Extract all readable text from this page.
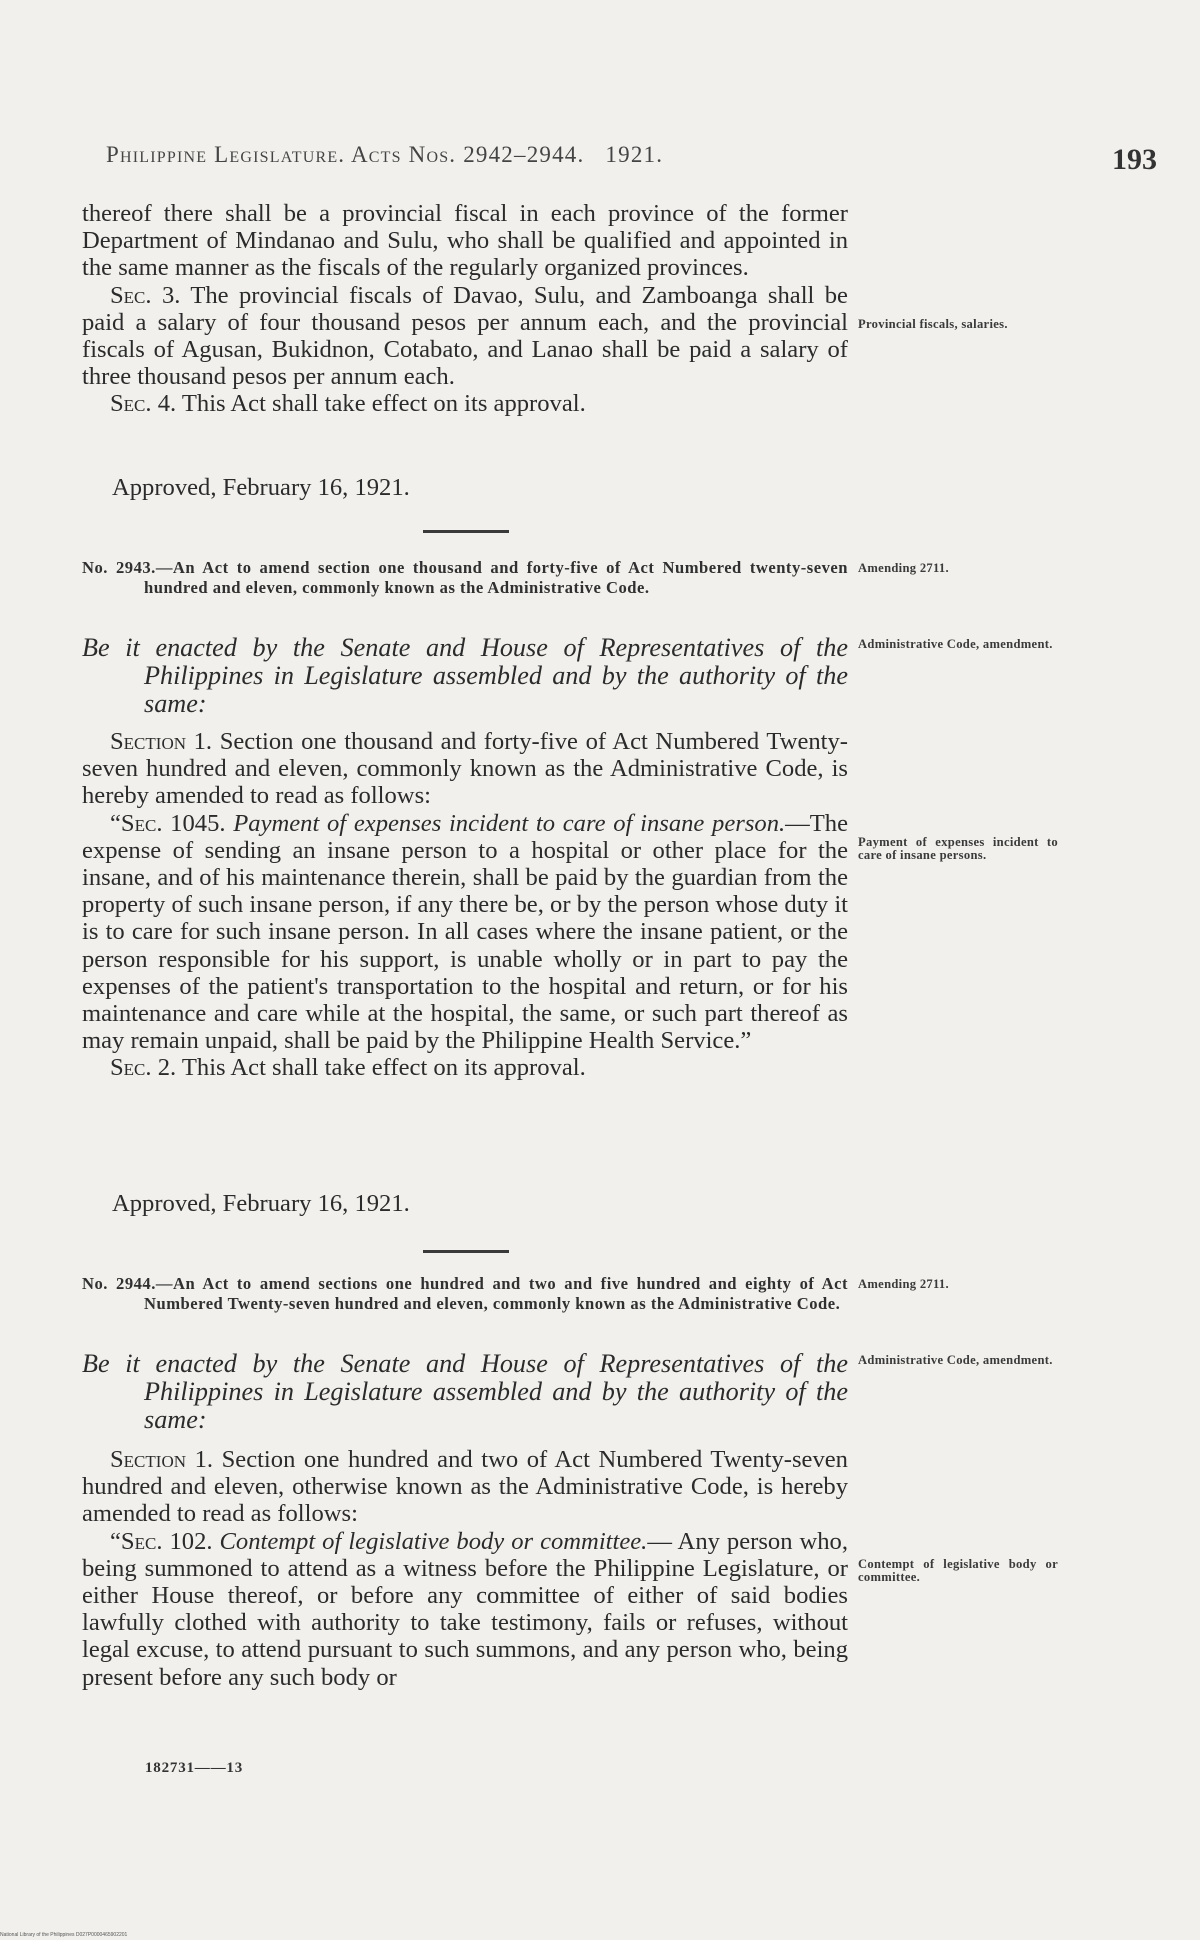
Philippine Legislature. Acts Nos. 2942–2944. 1921.	193

thereof there shall be a provincial fiscal in each province of the former Department of Mindanao and Sulu, who shall be qualified and appointed in the same manner as the fiscals of the regularly organized provinces.

Sec. 3. The provincial fiscals of Davao, Sulu, and Zamboanga shall be paid a salary of four thousand pesos per annum each, and the provincial fiscals of Agusan, Bukidnon, Cotabato, and Lanao shall be paid a salary of three thousand pesos per annum each.

Sec. 4. This Act shall take effect on its approval.

Approved, February 16, 1921.
Provincial fiscals, salaries.
No. 2943.—An Act to amend section one thousand and forty-five of Act Numbered twenty-seven hundred and eleven, commonly known as the Administrative Code.
Amending 2711.
Be it enacted by the Senate and House of Representatives of the Philippines in Legislature assembled and by the authority of the same:
Administrative Code, amendment.

Section 1. Section one thousand and forty-five of Act Numbered Twenty-seven hundred and eleven, commonly known as the Administrative Code, is hereby amended to read as follows:

“Sec. 1045. Payment of expenses incident to care of insane person.—The expense of sending an insane person to a hospital or other place for the insane, and of his maintenance therein, shall be paid by the guardian from the property of such insane person, if any there be, or by the person whose duty it is to care for such insane person. In all cases where the insane patient, or the person responsible for his support, is unable wholly or in part to pay the expenses of the patient's transportation to the hospital and return, or for his maintenance and care while at the hospital, the same, or such part thereof as may remain unpaid, shall be paid by the Philippine Health Service.”

Sec. 2. This Act shall take effect on its approval.

Approved, February 16, 1921.
Payment of expenses incident to care of insane persons.
No. 2944.—An Act to amend sections one hundred and two and five hundred and eighty of Act Numbered Twenty-seven hundred and eleven, commonly known as the Administrative Code.
Amending 2711.
Be it enacted by the Senate and House of Representatives of the Philippines in Legislature assembled and by the authority of the same:
Administrative Code, amendment.

Section 1. Section one hundred and two of Act Numbered Twenty-seven hundred and eleven, otherwise known as the Administrative Code, is hereby amended to read as follows:

“Sec. 102. Contempt of legislative body or committee.— Any person who, being summoned to attend as a witness before the Philippine Legislature, or either House thereof, or before any committee of either of said bodies lawfully clothed with authority to take testimony, fails or refuses, without legal excuse, to attend pursuant to such summons, and any person who, being present before any such body or

Contempt of legislative body or committee.
182731——13
National Library of the Philippines D027P0000465902201
